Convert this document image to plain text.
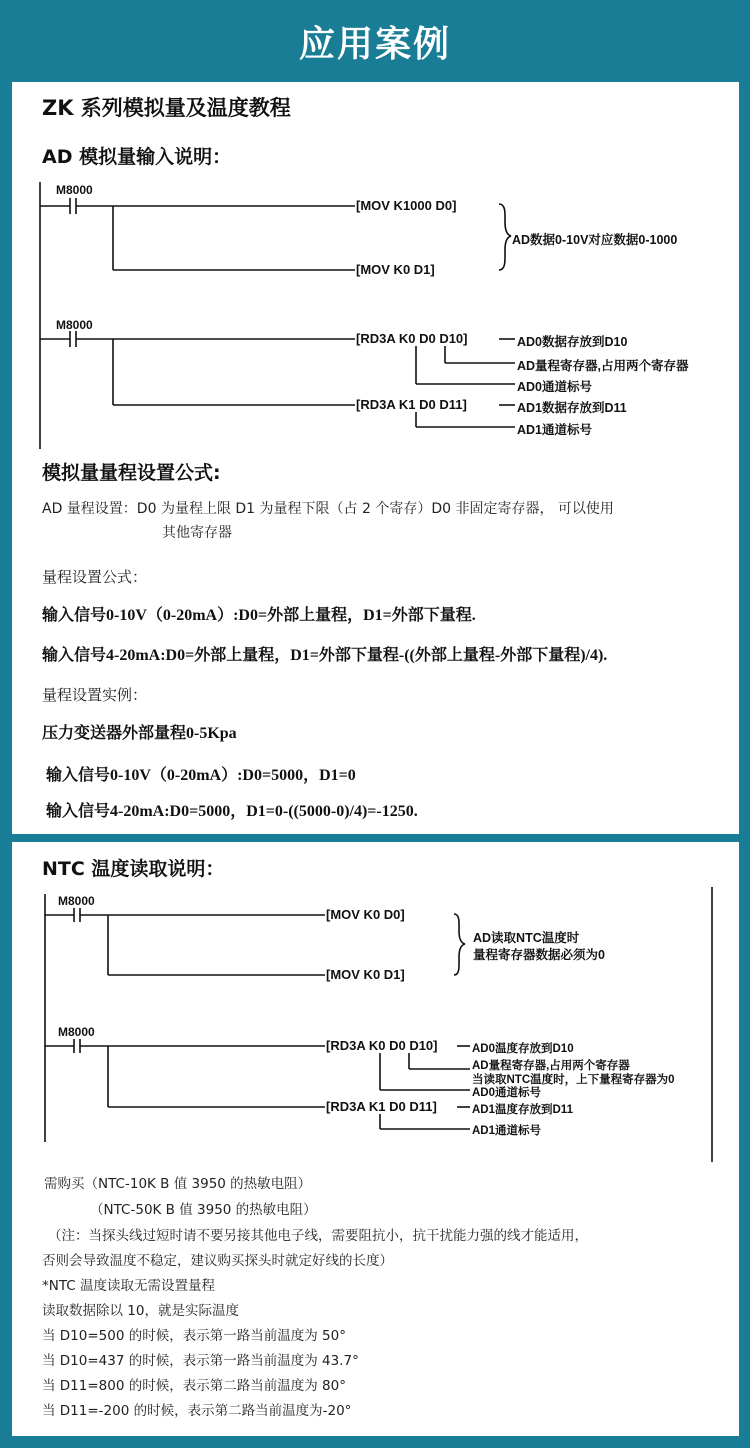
应用案例
ZK 系列模拟量及温度教程
AD 模拟量输入说明：
M8000
[MOV K1000 D0]
[MOV K0 D1]
AD数据0-10V对应数据0-1000
M8000
[RD3A K0 D0 D10]
[RD3A K1 D0 D11]
AD0数据存放到D10
AD量程寄存器,占用两个寄存器
AD0通道标号
AD1数据存放到D11
AD1通道标号
模拟量量程设置公式:
AD 量程设置：D0 为量程上限 D1 为量程下限（占 2 个寄存）D0 非固定寄存器， 可以使用
其他寄存器
量程设置公式：
输入信号0-10V（0-20mA）:D0=外部上量程，D1=外部下量程.
输入信号4-20mA:D0=外部上量程，D1=外部下量程-((外部上量程-外部下量程)/4).
量程设置实例：
压力变送器外部量程0-5Kpa
输入信号0-10V（0-20mA）:D0=5000，D1=0
输入信号4-20mA:D0=5000，D1=0-((5000-0)/4)=-1250.
NTC 温度读取说明：
M8000
[MOV K0 D0]
[MOV K0 D1]
AD读取NTC温度时
量程寄存器数据必须为0
M8000
[RD3A K0 D0 D10]
[RD3A K1 D0 D11]
AD0温度存放到D10
AD量程寄存器,占用两个寄存器
当读取NTC温度时，上下量程寄存器为0
AD0通道标号
AD1温度存放到D11
AD1通道标号
需购买（NTC-10K B 值 3950 的热敏电阻）
（NTC-50K B 值 3950 的热敏电阻）
（注：当探头线过短时请不要另接其他电子线，需要阻抗小，抗干扰能力强的线才能适用，
否则会导致温度不稳定，建议购买探头时就定好线的长度）
*NTC 温度读取无需设置量程
读取数据除以 10，就是实际温度
当 D10=500 的时候，表示第一路当前温度为 50°
当 D10=437 的时候，表示第一路当前温度为 43.7°
当 D11=800 的时候，表示第二路当前温度为 80°
当 D11=-200 的时候，表示第二路当前温度为-20°
